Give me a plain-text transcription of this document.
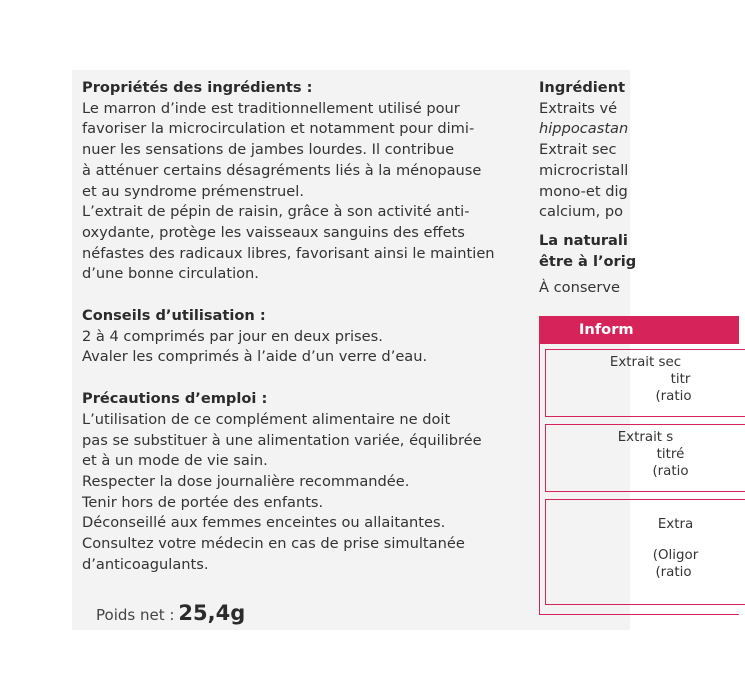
Propriétés des ingrédients :

Le marron d’inde est traditionnellement utilisé pour

favoriser la microcirculation et notamment pour dimi-

nuer les sensations de jambes lourdes. Il contribue

à atténuer certains désagréments liés à la ménopause

et au syndrome prémenstruel.

L’extrait de pépin de raisin, grâce à son activité anti-

oxydante, protège les vaisseaux sanguins des effets

néfastes des radicaux libres, favorisant ainsi le maintien

d’une bonne circulation.

Conseils d’utilisation :

2 à 4 comprimés par jour en deux prises.

Avaler les comprimés à l’aide d’un verre d’eau.

Précautions d’emploi :

L’utilisation de ce complément alimentaire ne doit

pas se substituer à une alimentation variée, équilibrée

et à un mode de vie sain.

Respecter la dose journalière recommandée.

Tenir hors de portée des enfants.

Déconseillé aux femmes enceintes ou allaitantes.

Consultez votre médecin en cas de prise simultanée

d’anticoagulants.

Poids net : 25,4g

Ingrédient

Extraits vé

hippocastan

Extrait sec

microcristall

mono-et dig

calcium, po

La naturali

être à l’orig

À conserve

Inform
Extrait sec
titr
(ratio
Extrait s
titré
(ratio
Extra
(Oligor
(ratio
